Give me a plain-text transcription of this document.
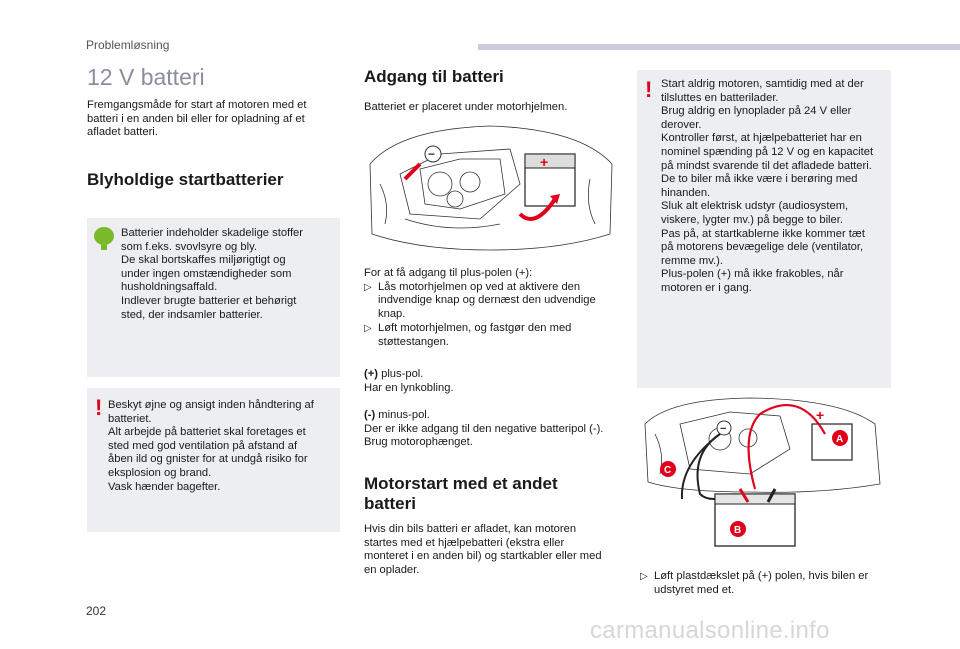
Problemløsning
12 V batteri
Fremgangsmåde for start af motoren med et batteri i en anden bil eller for opladning af et afladet batteri.
Blyholdige startbatterier
Batterier indeholder skadelige stoffer
som f.eks. svovlsyre og bly.
De skal bortskaffes miljørigtigt og
under ingen omstændigheder som
husholdningsaffald.
Indlever brugte batterier et behørigt
sted, der indsamler batterier.
! Beskyt øjne og ansigt inden håndtering af
batteriet.
Alt arbejde på batteriet skal foretages et
sted med god ventilation på afstand af
åben ild og gnister for at undgå risiko for
eksplosion og brand.
Vask hænder bagefter.
Adgang til batteri
Batteriet er placeret under motorhjelmen.
+
−
For at få adgang til plus-polen (+):
▷ Lås motorhjelmen op ved at aktivere den indvendige knap og dernæst den udvendige knap.
▷ Løft motorhjelmen, og fastgør den med støttestangen.
(+) plus-pol.
Har en lynkobling.
(-) minus-pol.
Der er ikke adgang til den negative batteripol (-). Brug motorophænget.
Motorstart med et andet
batteri
Hvis din bils batteri er afladet, kan motoren startes med et hjælpebatteri (ekstra eller monteret i en anden bil) og startkabler eller med en oplader.
! Start aldrig motoren, samtidig med at der
tilsluttes en batterilader.
Brug aldrig en lynoplader på 24 V eller
derover.
Kontroller først, at hjælpebatteriet har en
nominel spænding på 12 V og en kapacitet
på mindst svarende til det afladede batteri.
De to biler må ikke være i berøring med
hinanden.
Sluk alt elektrisk udstyr (audiosystem,
viskere, lygter mv.) på begge to biler.
Pas på, at startkablerne ikke kommer tæt
på motorens bevægelige dele (ventilator,
remme mv.).
Plus-polen (+) må ikke frakobles, når
motoren er i gang.
−
+
A
B
C
▷ Løft plastdækslet på (+) polen, hvis bilen er udstyret med et.
202
carmanualsonline.info
